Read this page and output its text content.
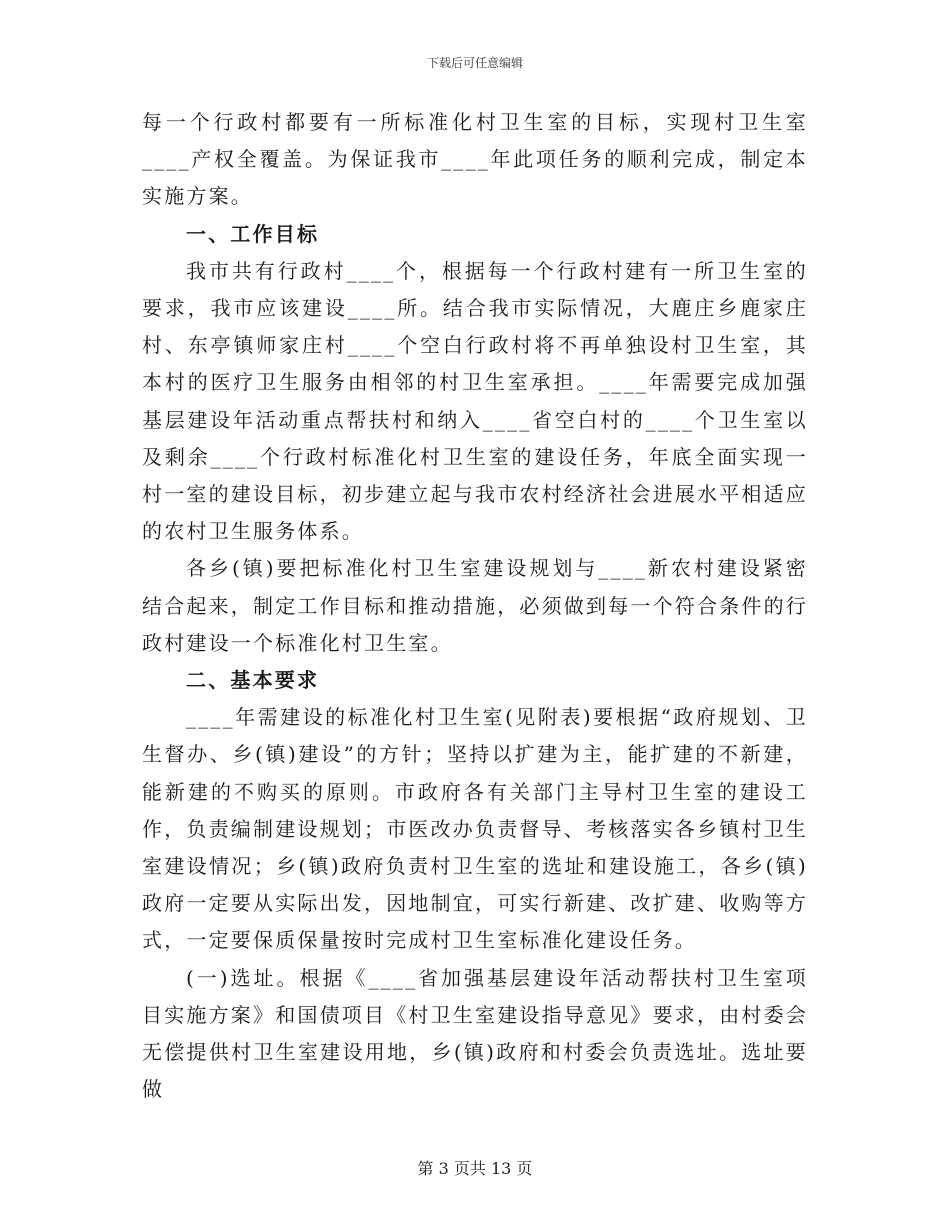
下载后可任意编辑

每一个行政村都要有一所标准化村卫生室的目标，实现村卫生室____产权全覆盖。为保证我市____年此项任务的顺利完成，制定本实施方案。

一、工作目标

我市共有行政村____个，根据每一个行政村建有一所卫生室的要求，我市应该建设____所。结合我市实际情况，大鹿庄乡鹿家庄村、东亭镇师家庄村____个空白行政村将不再单独设村卫生室，其本村的医疗卫生服务由相邻的村卫生室承担。____年需要完成加强基层建设年活动重点帮扶村和纳入____省空白村的____个卫生室以及剩余____个行政村标准化村卫生室的建设任务，年底全面实现一村一室的建设目标，初步建立起与我市农村经济社会进展水平相适应的农村卫生服务体系。

各乡(镇)要把标准化村卫生室建设规划与____新农村建设紧密结合起来，制定工作目标和推动措施，必须做到每一个符合条件的行政村建设一个标准化村卫生室。

二、基本要求

____年需建设的标准化村卫生室(见附表)要根据“政府规划、卫生督办、乡(镇)建设”的方针；坚持以扩建为主，能扩建的不新建，能新建的不购买的原则。市政府各有关部门主导村卫生室的建设工作，负责编制建设规划；市医改办负责督导、考核落实各乡镇村卫生室建设情况；乡(镇)政府负责村卫生室的选址和建设施工，各乡(镇)政府一定要从实际出发，因地制宜，可实行新建、改扩建、收购等方式，一定要保质保量按时完成村卫生室标准化建设任务。

(一)选址。根据《____省加强基层建设年活动帮扶村卫生室项目实施方案》和国债项目《村卫生室建设指导意见》要求，由村委会无偿提供村卫生室建设用地，乡(镇)政府和村委会负责选址。选址要做

第 3 页共 13 页
